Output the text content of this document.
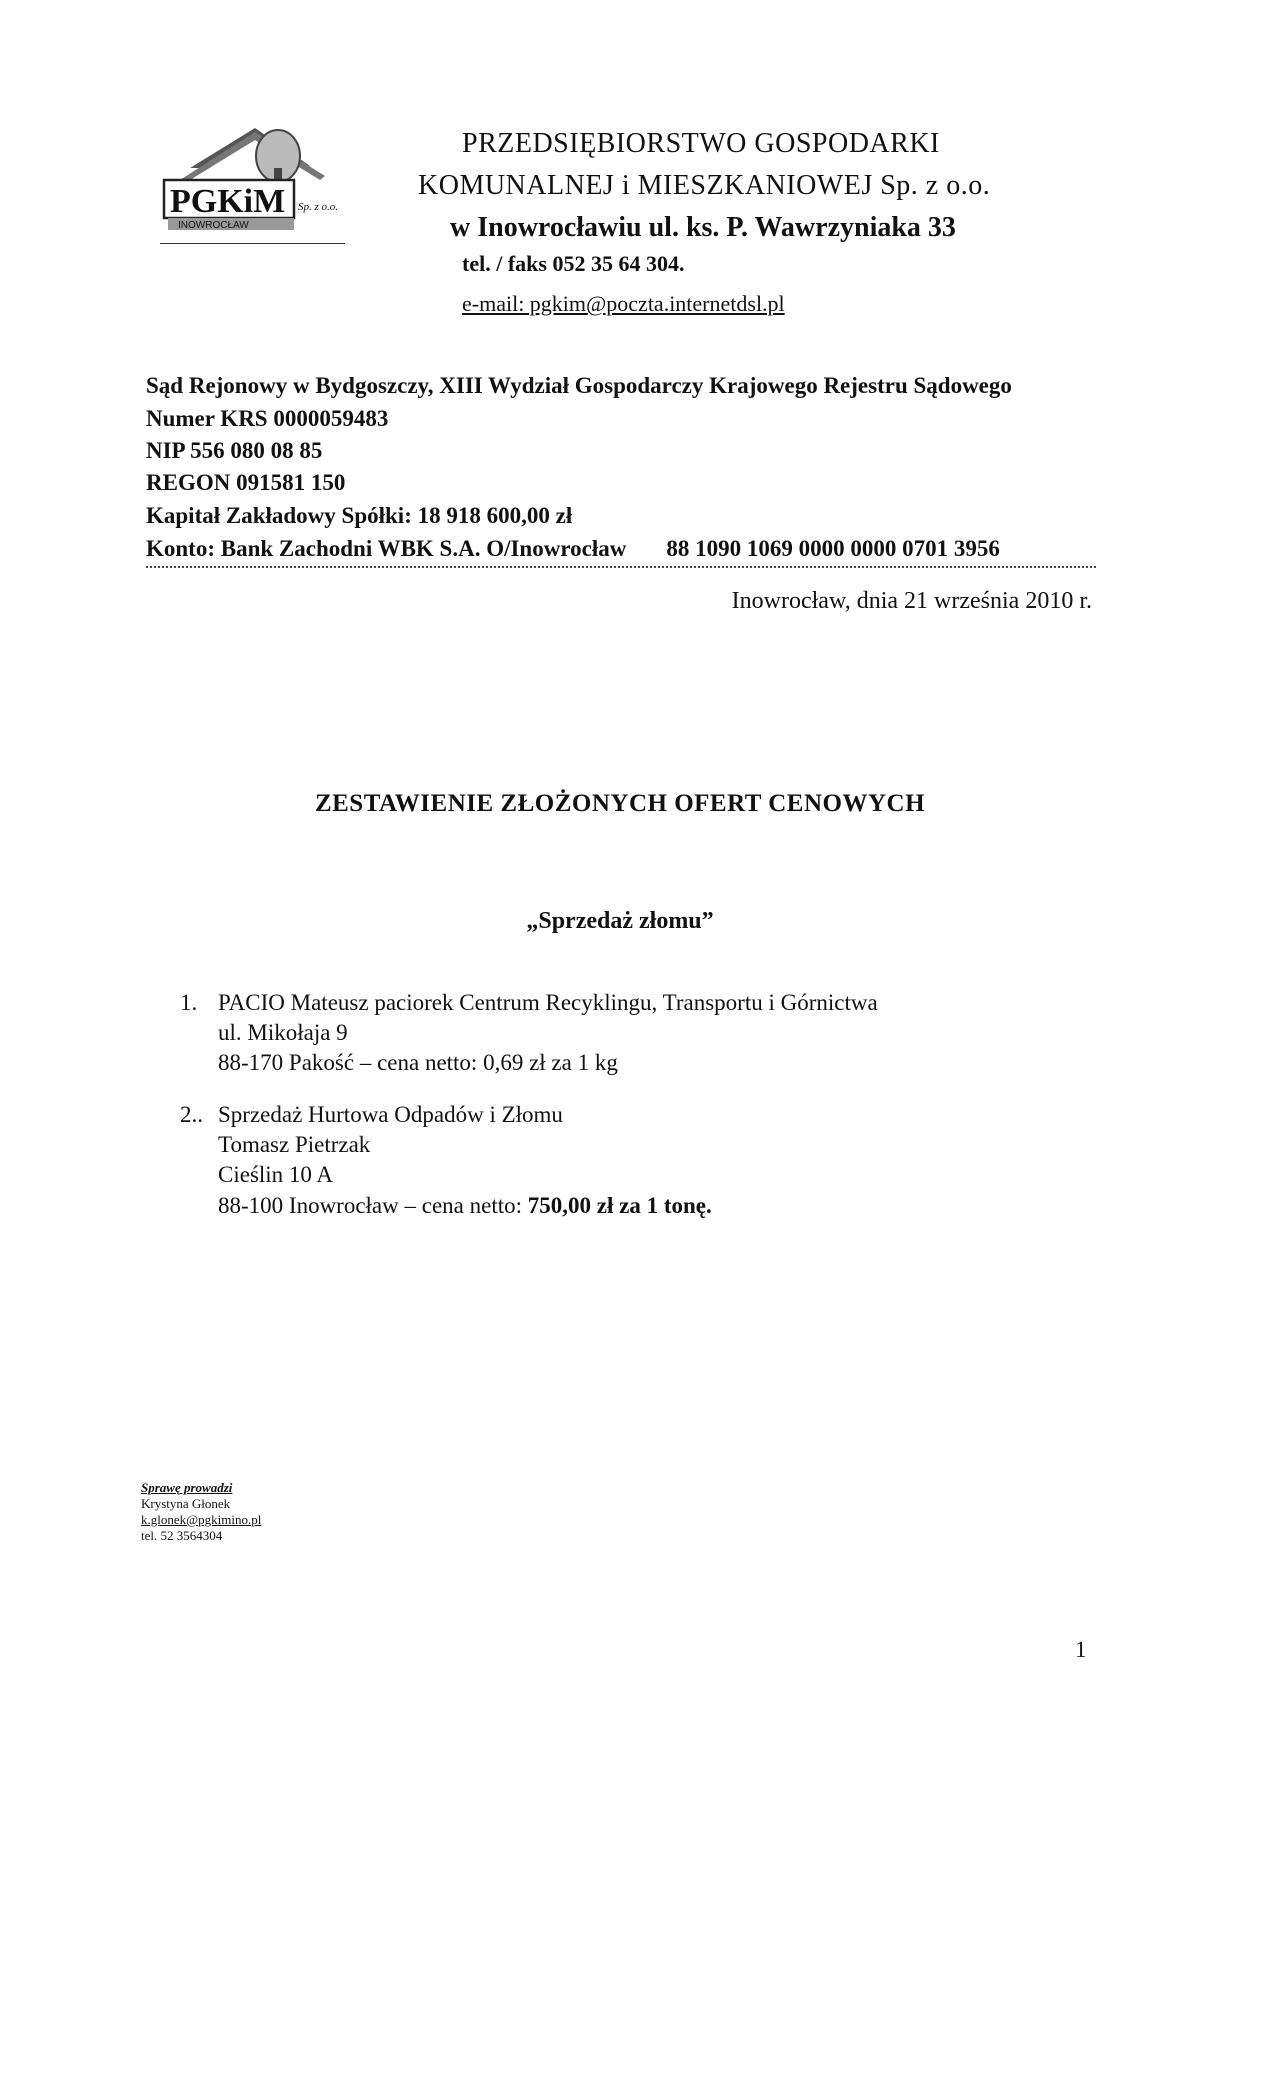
PGKiM Sp. z o.o.
INOWROCŁAW
PRZEDSIĘBIORSTWO GOSPODARKI
KOMUNALNEJ i MIESZKANIOWEJ Sp. z o.o.
w Inowrocławiu ul. ks. P. Wawrzyniaka 33
tel. / faks 052 35 64 304.
e-mail: pgkim@poczta.internetdsl.pl
Sąd Rejonowy w Bydgoszczy, XIII Wydział Gospodarczy Krajowego Rejestru Sądowego
Numer KRS 0000059483
NIP 556 080 08 85
REGON 091581 150
Kapitał Zakładowy Spółki: 18 918 600,00 zł
Konto: Bank Zachodni WBK S.A. O/Inowrocław 88 1090 1069 0000 0000 0701 3956
Inowrocław, dnia 21 września 2010 r.
ZESTAWIENIE ZŁOŻONYCH OFERT CENOWYCH
„Sprzedaż złomu”
1. PACIO Mateusz paciorek Centrum Recyklingu, Transportu i Górnictwa
ul. Mikołaja 9
88-170 Pakość – cena netto: 0,69 zł za 1 kg
2.. Sprzedaż Hurtowa Odpadów i Złomu
Tomasz Pietrzak
Cieślin 10 A
88-100 Inowrocław – cena netto: 750,00 zł za 1 tonę.
Sprawę prowadzi
Krystyna Głonek
k.glonek@pgkimino.pl
tel. 52 3564304
1
